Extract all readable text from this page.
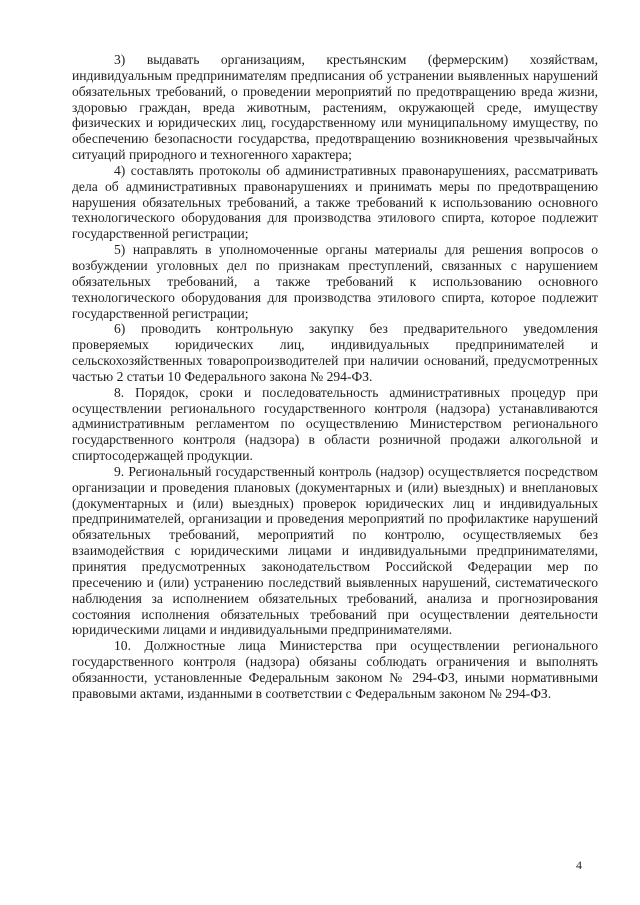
3) выдавать организациям, крестьянским (фермерским) хозяйствам, индивидуальным предпринимателям предписания об устранении выявленных нарушений обязательных требований, о проведении мероприятий по предотвращению вреда жизни, здоровью граждан, вреда животным, растениям, окружающей среде, имуществу физических и юридических лиц, государственному или муниципальному имуществу, по обеспечению безопасности государства, предотвращению возникновения чрезвычайных ситуаций природного и техногенного характера;

4) составлять протоколы об административных правонарушениях, рассматривать дела об административных правонарушениях и принимать меры по предотвращению нарушения обязательных требований, а также требований к использованию основного технологического оборудования для производства этилового спирта, которое подлежит государственной регистрации;

5) направлять в уполномоченные органы материалы для решения вопросов о возбуждении уголовных дел по признакам преступлений, связанных с нарушением обязательных требований, а также требований к использованию основного технологического оборудования для производства этилового спирта, которое подлежит государственной регистрации;

6) проводить контрольную закупку без предварительного уведомления проверяемых юридических лиц, индивидуальных предпринимателей и сельскохозяйственных товаропроизводителей при наличии оснований, предусмотренных частью 2 статьи 10 Федерального закона № 294-ФЗ.

8. Порядок, сроки и последовательность административных процедур при осуществлении регионального государственного контроля (надзора) устанавливаются административным регламентом по осуществлению Министерством регионального государственного контроля (надзора) в области розничной продажи алкогольной и спиртосодержащей продукции.

9. Региональный государственный контроль (надзор) осуществляется посредством организации и проведения плановых (документарных и (или) выездных) и внеплановых (документарных и (или) выездных) проверок юридических лиц и индивидуальных предпринимателей, организации и проведения мероприятий по профилактике нарушений обязательных требований, мероприятий по контролю, осуществляемых без взаимодействия с юридическими лицами и индивидуальными предпринимателями, принятия предусмотренных законодательством Российской Федерации мер по пресечению и (или) устранению последствий выявленных нарушений, систематического наблюдения за исполнением обязательных требований, анализа и прогнозирования состояния исполнения обязательных требований при осуществлении деятельности юридическими лицами и индивидуальными предпринимателями.

10. Должностные лица Министерства при осуществлении регионального государственного контроля (надзора) обязаны соблюдать ограничения и выполнять обязанности, установленные Федеральным законом № 294-ФЗ, иными нормативными правовыми актами, изданными в соответствии с Федеральным законом № 294-ФЗ.

4
